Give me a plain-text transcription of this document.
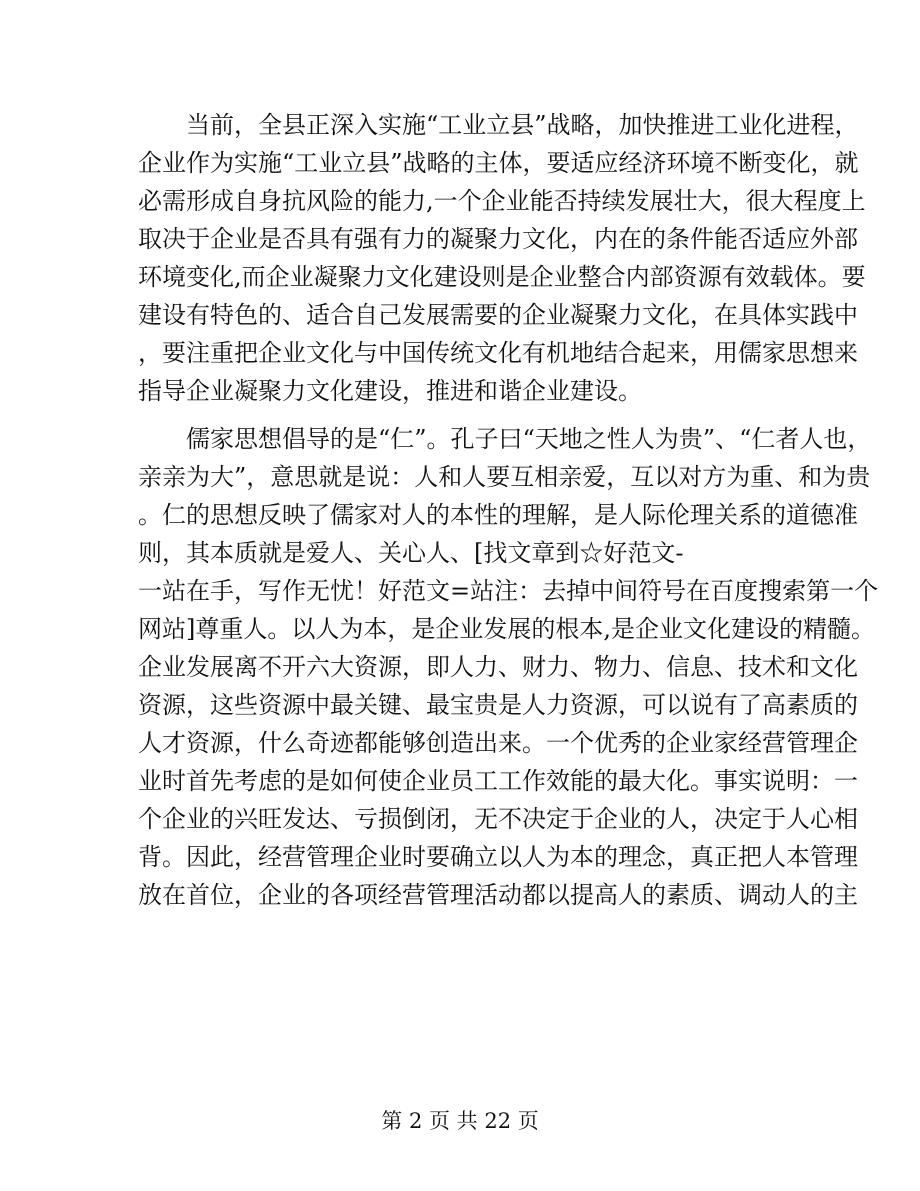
　　当前，全县正深入实施“工业立县”战略，加快推进工业化进程，
企业作为实施“工业立县”战略的主体，要适应经济环境不断变化，就
必需形成自身抗风险的能力,一个企业能否持续发展壮大，很大程度上
取决于企业是否具有强有力的凝聚力文化，内在的条件能否适应外部
环境变化,而企业凝聚力文化建设则是企业整合内部资源有效载体。要
建设有特色的、适合自己发展需要的企业凝聚力文化，在具体实践中
，要注重把企业文化与中国传统文化有机地结合起来，用儒家思想来
指导企业凝聚力文化建设，推进和谐企业建设。
　　儒家思想倡导的是“仁”。孔子曰“天地之性人为贵”、“仁者人也，
亲亲为大”，意思就是说：人和人要互相亲爱，互以对方为重、和为贵
。仁的思想反映了儒家对人的本性的理解，是人际伦理关系的道德准
则，其本质就是爱人、关心人、[找文章到☆好范文-
一站在手，写作无忧！好范文=站注：去掉中间符号在百度搜索第一个
网站]尊重人。以人为本，是企业发展的根本,是企业文化建设的精髓。
企业发展离不开六大资源，即人力、财力、物力、信息、技术和文化
资源，这些资源中最关键、最宝贵是人力资源，可以说有了高素质的
人才资源，什么奇迹都能够创造出来。一个优秀的企业家经营管理企
业时首先考虑的是如何使企业员工工作效能的最大化。事实说明：一
个企业的兴旺发达、亏损倒闭，无不决定于企业的人，决定于人心相
背。因此，经营管理企业时要确立以人为本的理念，真正把人本管理
放在首位，企业的各项经营管理活动都以提高人的素质、调动人的主
第 2 页 共 22 页
